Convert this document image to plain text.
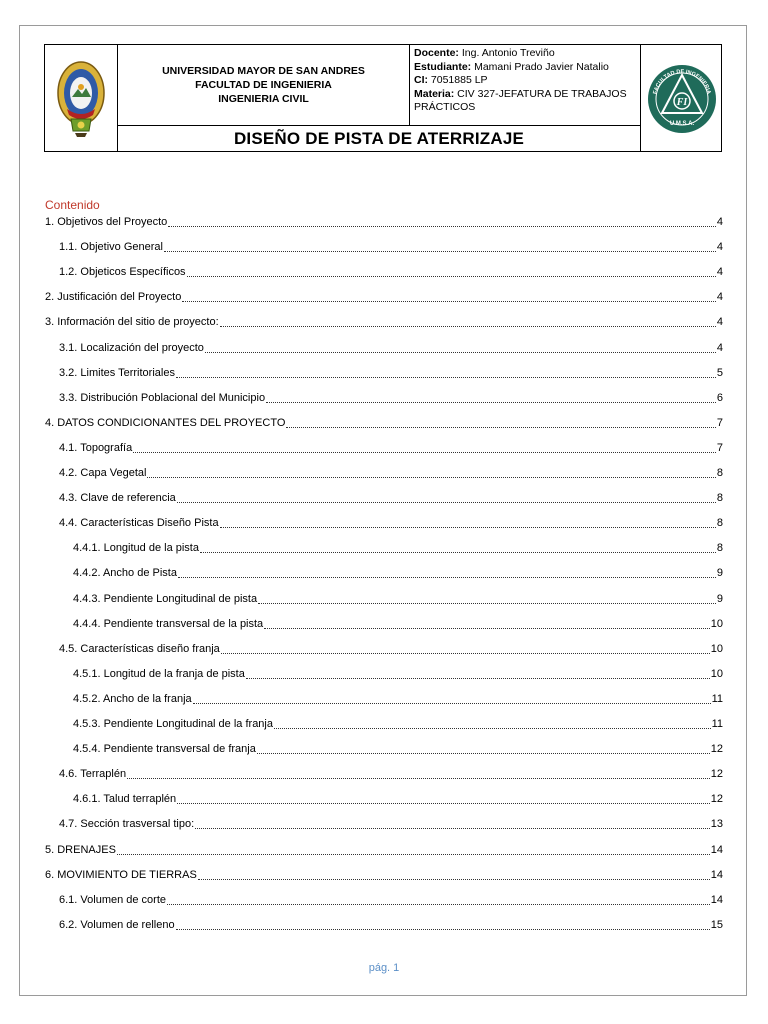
UNIVERSIDAD MAYOR DE SAN ANDRES
FACULTAD DE INGENIERIA
INGENIERIA CIVIL
Docente: Ing. Antonio Treviño
Estudiante: Mamani Prado Javier Natalio
CI: 7051885 LP
Materia: CIV 327-JEFATURA DE TRABAJOS PRÁCTICOS
DISEÑO DE PISTA DE ATERRIZAJE
FI
FACULTAD DE INGENIERIA
U.M.S.A.
Contenido
1. Objetivos del Proyecto	4
1.1. Objetivo General	4
1.2. Objeticos Específicos	4
2. Justificación del Proyecto	4
3. Información del sitio de proyecto:	4
3.1. Localización del proyecto	4
3.2. Limites Territoriales	5
3.3. Distribución Poblacional del Municipio	6
4. DATOS CONDICIONANTES DEL PROYECTO	7
4.1. Topografía	7
4.2. Capa Vegetal	8
4.3. Clave de referencia	8
4.4. Características Diseño Pista	8
4.4.1. Longitud de la pista	8
4.4.2. Ancho de Pista	9
4.4.3. Pendiente Longitudinal de pista	9
4.4.4. Pendiente transversal de la pista	10
4.5. Características diseño franja	10
4.5.1. Longitud de la franja de pista	10
4.5.2. Ancho de la franja	11
4.5.3. Pendiente Longitudinal de la franja	11
4.5.4. Pendiente transversal de franja	12
4.6. Terraplén	12
4.6.1. Talud terraplén	12
4.7. Sección trasversal tipo:	13
5. DRENAJES	14
6. MOVIMIENTO DE TIERRAS	14
6.1. Volumen de corte	14
6.2. Volumen de relleno	15
pág. 1
